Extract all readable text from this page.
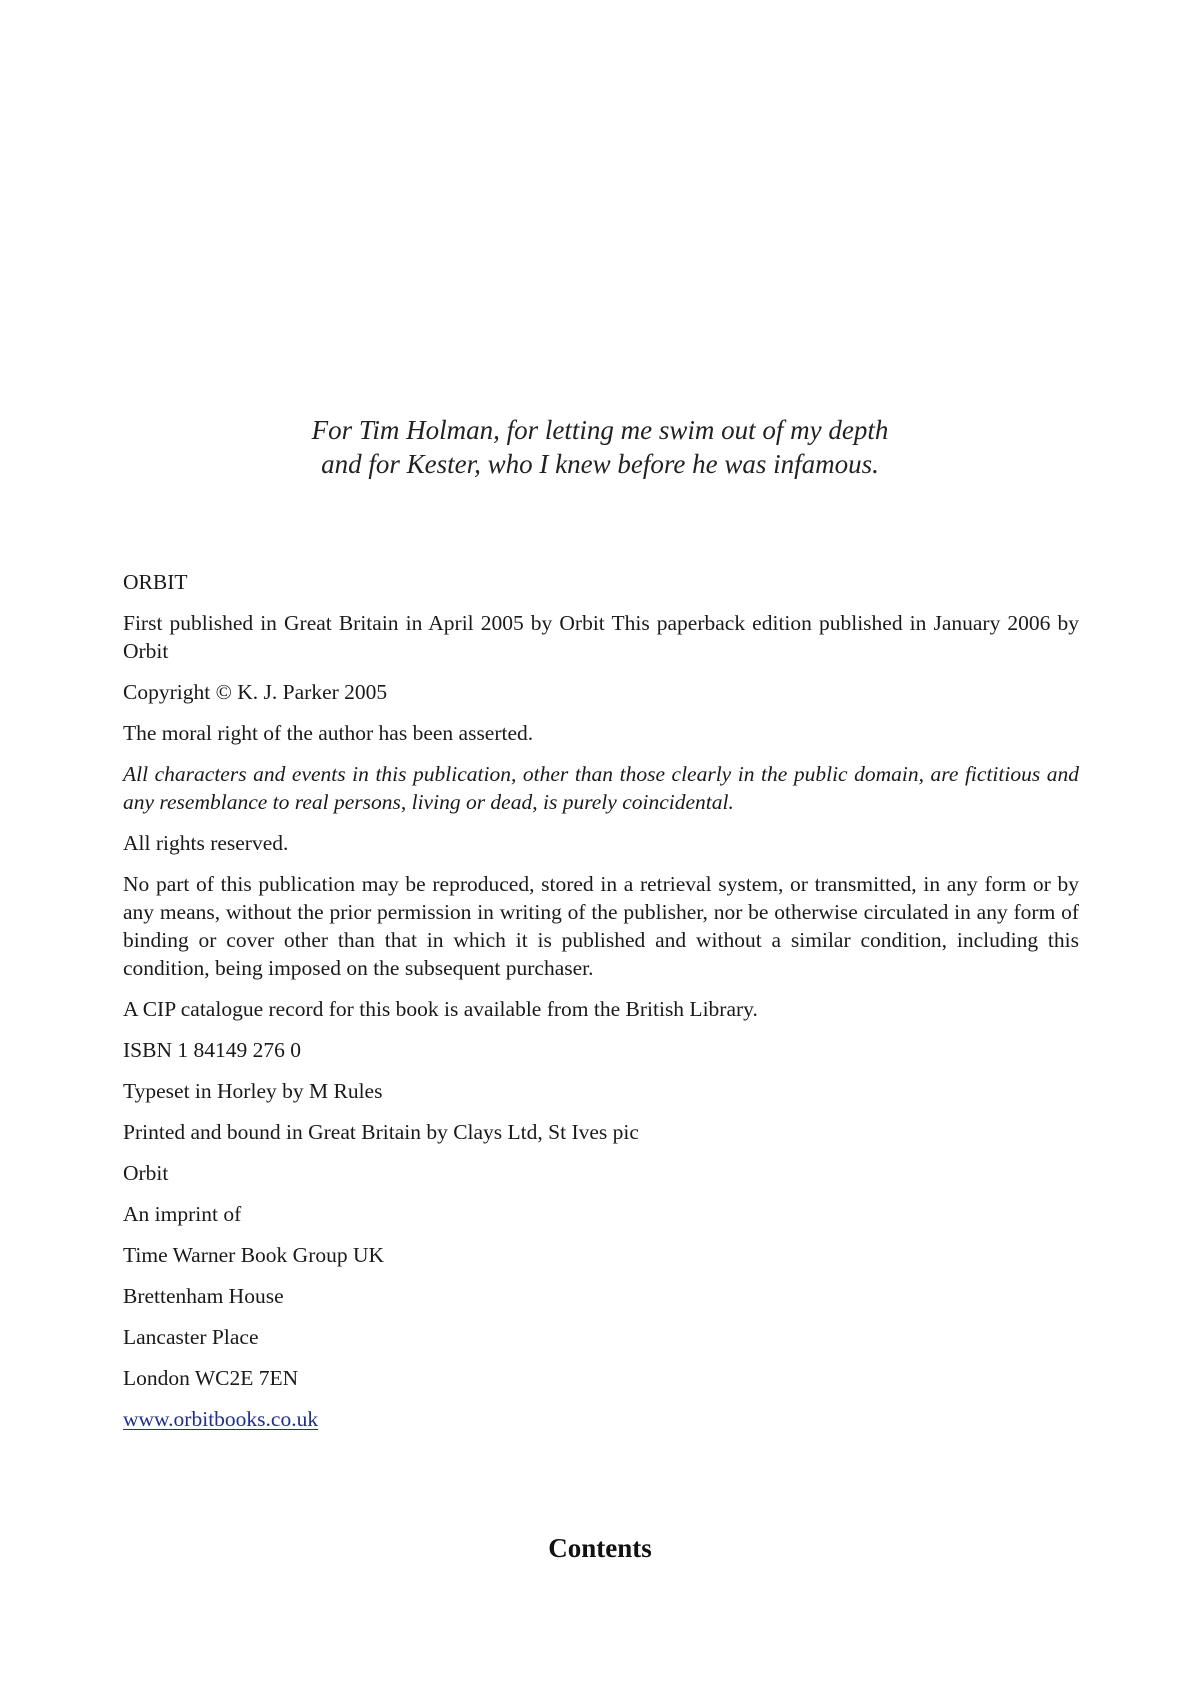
For Tim Holman, for letting me swim out of my depth

and for Kester, who I knew before he was infamous.

ORBIT

First published in Great Britain in April 2005 by Orbit This paperback edition published in January 2006 by Orbit

Copyright © K. J. Parker 2005

The moral right of the author has been asserted.

All characters and events in this publication, other than those clearly in the public domain, are fictitious and any resemblance to real persons, living or dead, is purely coincidental.

All rights reserved.

No part of this publication may be reproduced, stored in a retrieval system, or transmitted, in any form or by any means, without the prior permission in writing of the publisher, nor be otherwise circulated in any form of binding or cover other than that in which it is published and without a similar condition, including this condition, being imposed on the subsequent purchaser.

A CIP catalogue record for this book is available from the British Library.

ISBN 1 84149 276 0

Typeset in Horley by M Rules

Printed and bound in Great Britain by Clays Ltd, St Ives pic

Orbit

An imprint of

Time Warner Book Group UK

Brettenham House

Lancaster Place

London WC2E 7EN

www.orbitbooks.co.uk

Contents
